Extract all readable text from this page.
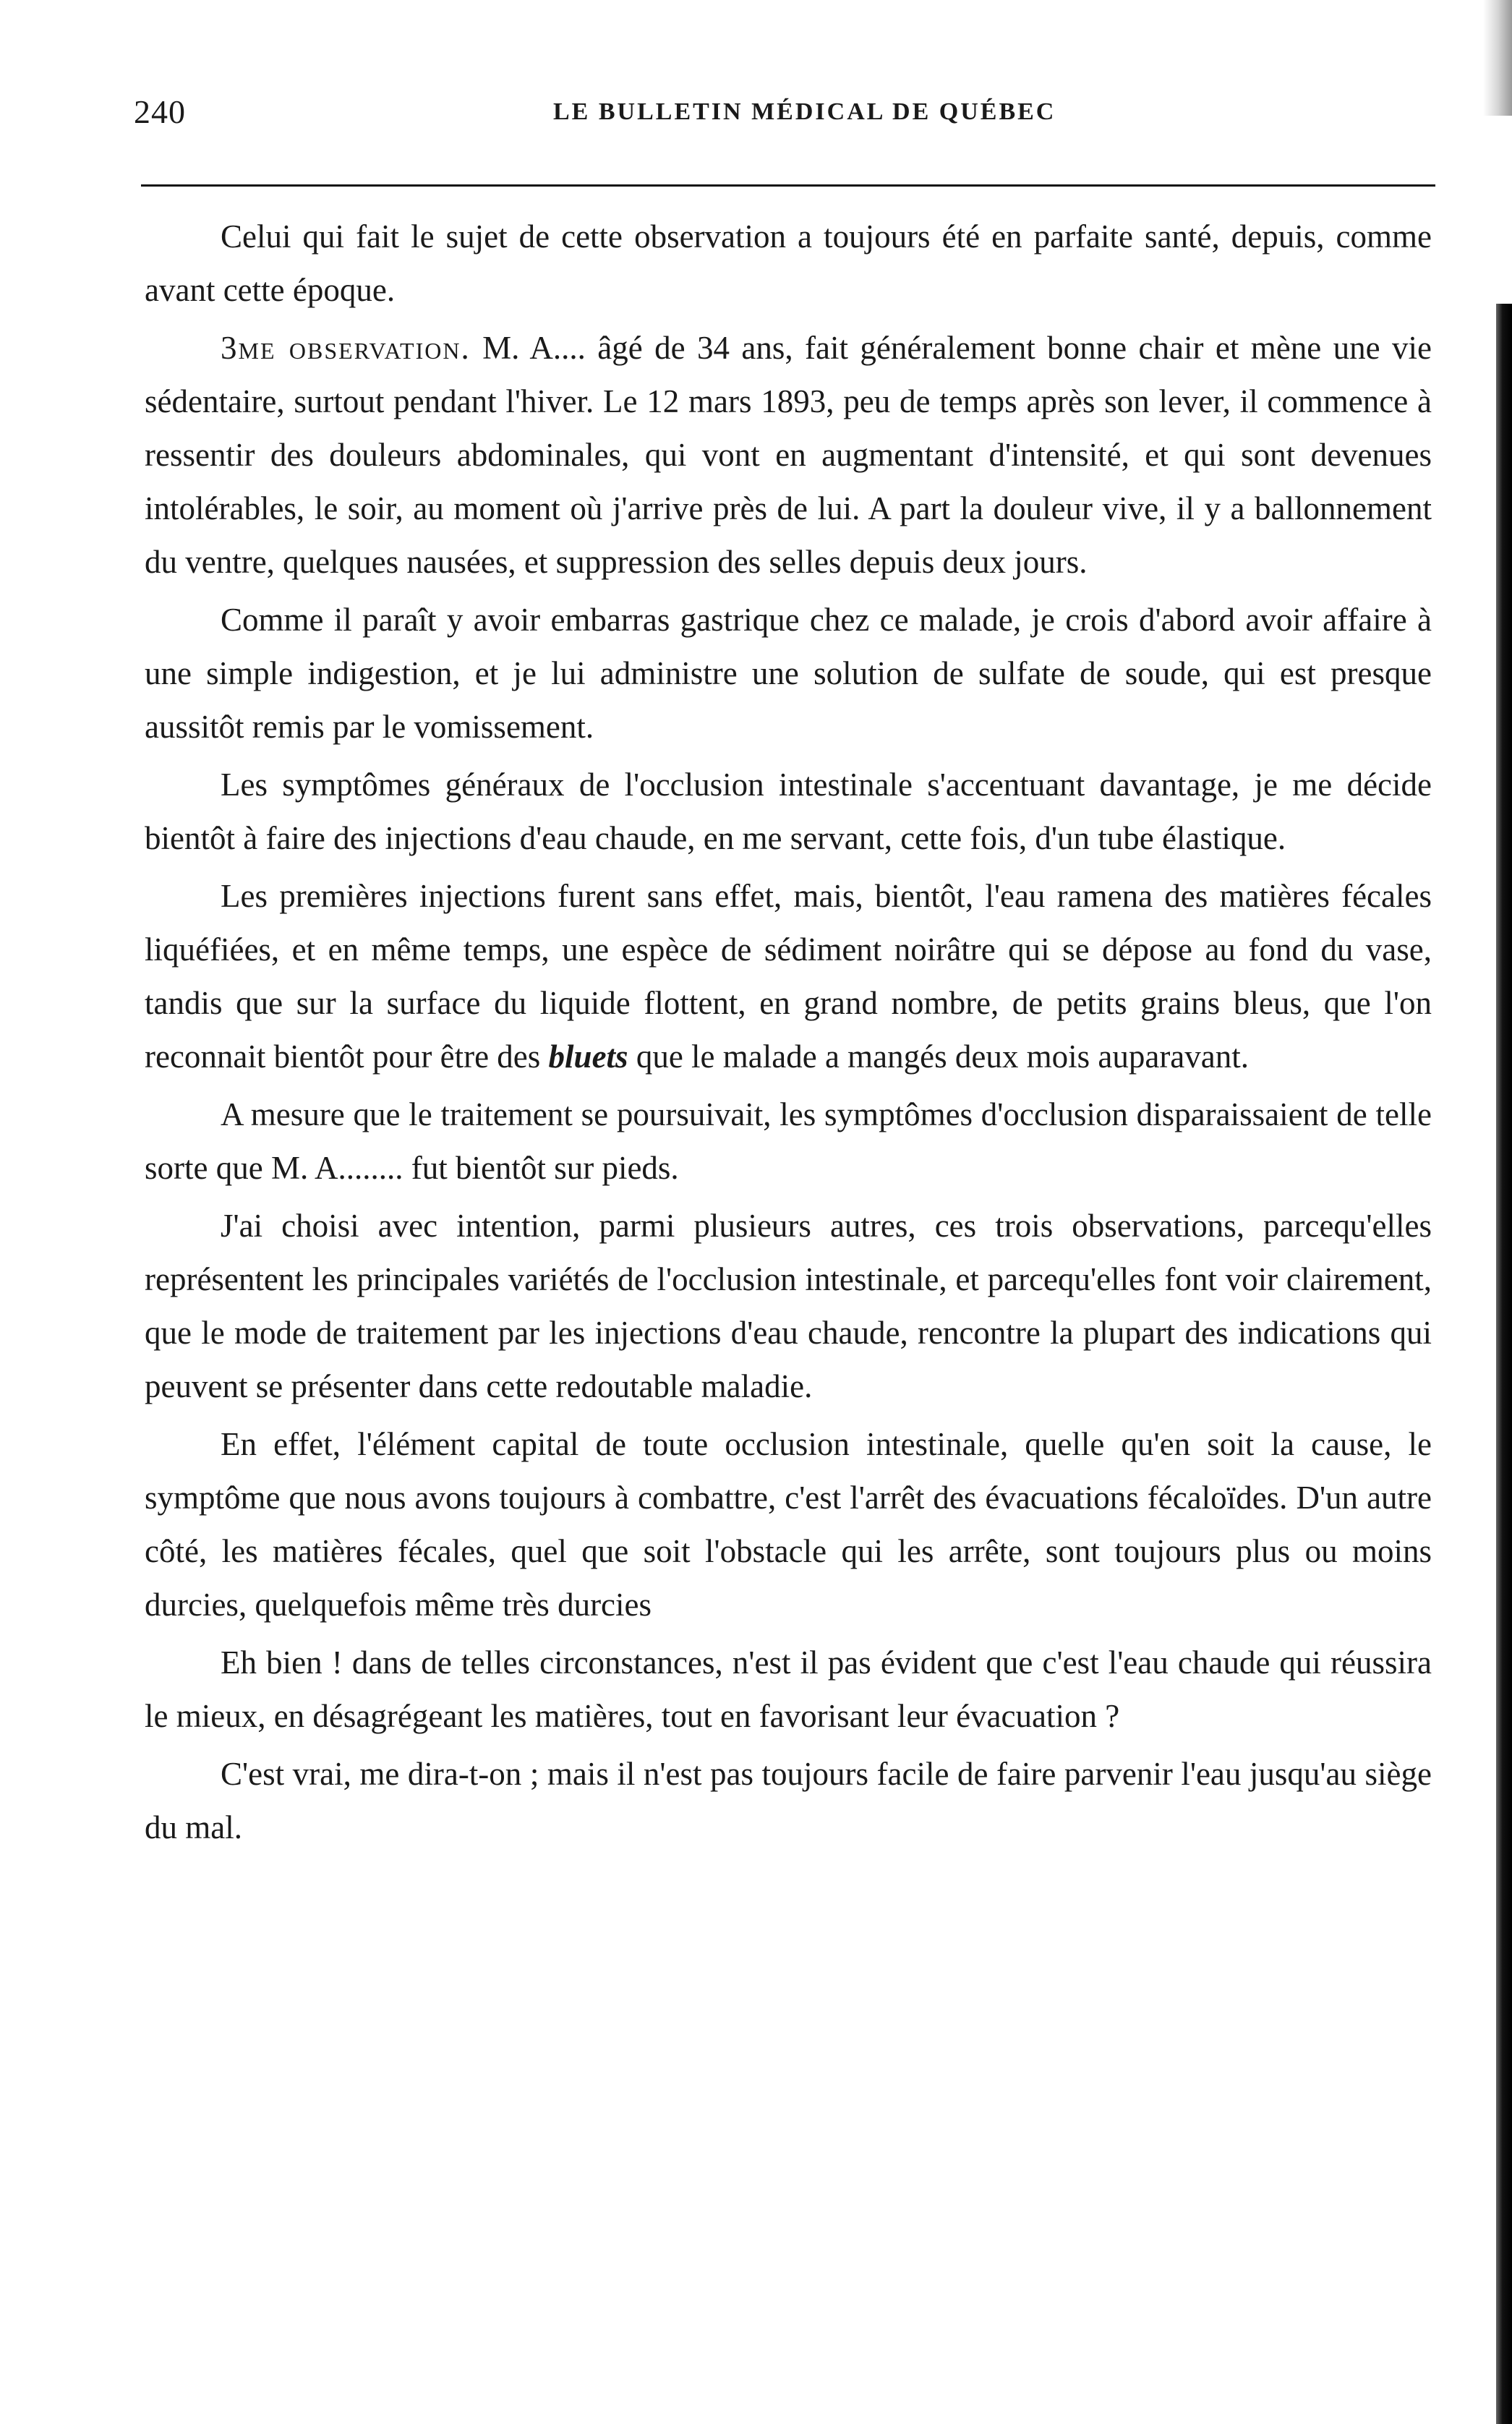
240	LE BULLETIN MÉDICAL DE QUÉBEC

Celui qui fait le sujet de cette observation a toujours été en parfaite santé, depuis, comme avant cette époque.

3me observation. M. A.... âgé de 34 ans, fait généralement bonne chair et mène une vie sédentaire, surtout pendant l'hiver. Le 12 mars 1893, peu de temps après son lever, il commence à ressentir des douleurs abdominales, qui vont en augmentant d'intensité, et qui sont devenues intolérables, le soir, au moment où j'arrive près de lui. A part la douleur vive, il y a ballonnement du ventre, quelques nausées, et suppression des selles depuis deux jours.

Comme il paraît y avoir embarras gastrique chez ce malade, je crois d'abord avoir affaire à une simple indigestion, et je lui administre une solution de sulfate de soude, qui est presque aussitôt remis par le vomissement.

Les symptômes généraux de l'occlusion intestinale s'accentuant davantage, je me décide bientôt à faire des injections d'eau chaude, en me servant, cette fois, d'un tube élastique.

Les premières injections furent sans effet, mais, bientôt, l'eau ramena des matières fécales liquéfiées, et en même temps, une espèce de sédiment noirâtre qui se dépose au fond du vase, tandis que sur la surface du liquide flottent, en grand nombre, de petits grains bleus, que l'on reconnait bientôt pour être des bluets que le malade a mangés deux mois auparavant.

A mesure que le traitement se poursuivait, les symptômes d'occlusion disparaissaient de telle sorte que M. A........ fut bientôt sur pieds.

J'ai choisi avec intention, parmi plusieurs autres, ces trois observations, parcequ'elles représentent les principales variétés de l'occlusion intestinale, et parcequ'elles font voir clairement, que le mode de traitement par les injections d'eau chaude, rencontre la plupart des indications qui peuvent se présenter dans cette redoutable maladie.

En effet, l'élément capital de toute occlusion intestinale, quelle qu'en soit la cause, le symptôme que nous avons toujours à combattre, c'est l'arrêt des évacuations fécaloïdes. D'un autre côté, les matières fécales, quel que soit l'obstacle qui les arrête, sont toujours plus ou moins durcies, quelquefois même très durcies

Eh bien ! dans de telles circonstances, n'est il pas évident que c'est l'eau chaude qui réussira le mieux, en désagrégeant les matières, tout en favorisant leur évacuation ?

C'est vrai, me dira-t-on ; mais il n'est pas toujours facile de faire parvenir l'eau jusqu'au siège du mal.
